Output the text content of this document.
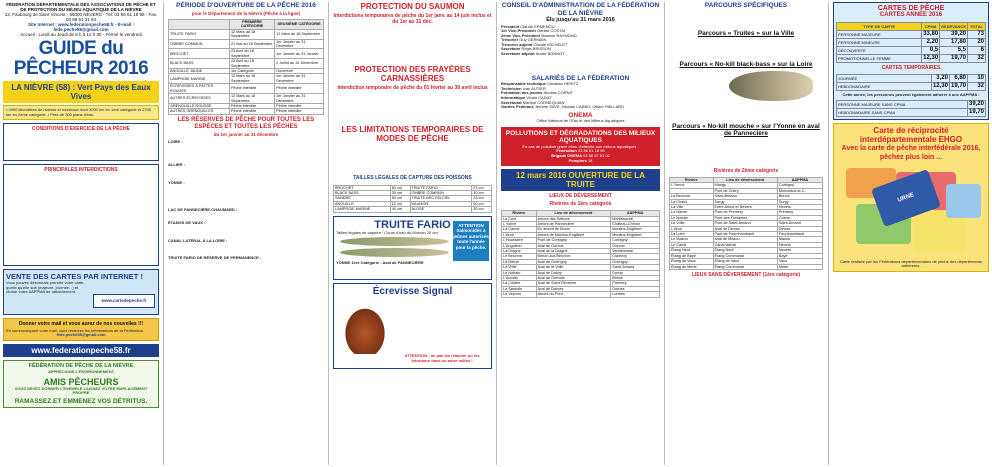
FÉDÉRATION DÉPARTEMENTALE DES ASSOCIATIONS DE PÊCHE ET DE PROTECTION DU MILIEU AQUATIQUE DE LA NIÈVRE
12, Faubourg de Saint Vincent - 58000 NEVERS - Tél. 03 86 61 18 98 - Fax. 03 86 61 31 94
Site Internet : www.federationpeche58.fr - E-mail : fede.peche58@gmail.com
Accueil : Lundi au Jeudi de 8 h à 12 h 30 - Fermé le vendredi
GUIDE du PÊCHEUR 2016
LA NIÈVRE (58) : Vert Pays des Eaux Vives
• 4900 kilomètres de rivières et ruisseaux dont 1200 km en 1ère catégorie et 2700 km en 2ème catégorie. • Près de 300 plans d'eau.
CONDITIONS D'EXERCICE DE LA PÊCHE
PRINCIPALES INTERDICTIONS
VENTE DES CARTES PAR INTERNET !
Vous pouvez désormais prendre votre carte, quelle qu'elle soit (majeure, journée...) et choisir votre AAPPMA de rattachement.
www.cartedepeche.fr
Donner votre mail et vous aurez de nos nouvelles !!!
En communiquant votre mail, vous recevrez les informations de la Fédération.
fede.peche58@gmail.com
www.federationpeche58.fr
FÉDÉRATION DE PÊCHE DE LA NIÈVRE
APPRÉCIONS L'ENVIRONNEMENT
AMIS PÊCHEURS
VOUS DEVEZ DONNER L'EXEMPLE LAISSEZ VOTRE EMPLACEMENT PROPRE
RAMASSEZ ET EMMENEZ VOS DÉTRITUS.
PÉRIODE D'OUVERTURE DE LA PÊCHE 2016
pour le Département de la Nièvre (Pêche à la ligne)
	PREMIÈRE CATÉGORIE	DEUXIÈME CATÉGORIE
TRUITE FARIO	12 Mars au 18 Septembre	12 Mars au 18 Septembre
OMBRE COMMUN	21 Mai au 18 Septembre	1er Janvier au 31 Décembre
BROCHET	23 Avril au 18 Septembre	1er Janvier au 31 Janvier
BLACK BASS	23 Avril au 18 Septembre	2 Juillet au 31 Décembre
ANGUILLE JAUNE	1er Catégorie	Ouverture
LAMPROIE MARINE	12 Mars au 18 Septembre	1er Janvier au 31 Décembre
ÉCREVISSES À PATTES ROUGES	Pêche interdite	Pêche interdite
AUTRES ÉCREVISSES	12 Mars au 18 Septembre	1er Janvier au 31 Décembre
GRENOUILLE ROUSSE	Pêche interdite	Pêche interdite
AUTRES GRENOUILLES	Pêche interdite	Pêche interdite
LES RÉSERVES DE PÊCHE POUR TOUTES LES ESPÈCES ET TOUTES LES PÊCHES
du 1er janvier au 31 décembre
LOIRE :
ALLIER :
YONNE :
LAC DE PANNECIÈRE-CHAUMARD :
ÉTANGS DE VAUX :
CANAL LATÉRAL À LA LOIRE :
TRUITE FARIO DE RÉSERVE DE PERMANENCE :
PROTECTION DU SAUMON
Interdictions temporaires de pêche du 1er janv. au 14 juin inclus et du 1er au 31 déc.
PROTECTION DES FRAYÈRES CARNASSIÈRES
Interdiction temporaire de pêche du 01 février au 30 avril inclus
LES LIMITATIONS TEMPORAIRES DE MODES DE PÊCHE
TAILLES LÉGALES DE CAPTURE DES POISSONS
BROCHET	60 cm	TRUITE FARIO	23 cm
BLACK BASS	30 cm	OMBRE COMMUN	30 cm
SANDRE	50 cm	TRUITE ARC-EN-CIEL	23 cm
ANGUILLE	12 cm	SAUMON	50 cm
LAMPROIE MARINE	40 cm	ALOSE	30 cm
TRUITE FARIO
Tailles légales de capture : Cours d'eau du Morvan 20 cm
ATTENTION Salmonidés à jeûnes autorisés toute l'année pour la pêche.
YONNE 1ère Catégorie - Aval de PANNECIÈRE
Écrevisse Signal
ATTENTION : ne pas les relâcher ou les introduire dans un autre milieu !
CONSEIL D'ADMINISTRATION DE LA FÉDÉRATION DE LA NIÈVRE
Élu jusqu'au 31 mars 2016
Président Claude ERMENOU
1er Vice-Président Gérard COSTAI
2ème Vice-Président Maurice RAYMOND
Trésorier Guy GERMAIN
Trésorier adjoint Claude MICHELET
Secrétaire Régis BRISSON
Secrétaire adjoint André BONNOT
SALARIÉS DE LA FÉDÉRATION
Responsable technique Christian HERITZ
Technicien Ivan AUTIER
Formation des jeunes Nicolas CORNIT
Informatique Vivien CADAT
Secrétariat Martine CORNEQUIAN
Gardes Fédéraux Jérôme SAVE, Nicolas CARBO, Olivier PAILLARD
ONEMA
Office National de l'Eau et des Milieux Aquatiques
POLLUTIONS ET DÉGRADATIONS DES MILIEUX AQUATIQUES
En cas de pollution grave et/ou d'atteinte aux milieux aquatiques :
Fédération 03 86 61 18 98
Brigade ONEMA 03 86 57 51 02
Pompiers 18
12 mars 2016 OUVERTURE DE LA TRUITE
LIEUX DE DÉVERSEMENT
Rivières de 1ère catégorie
Rivière	Lieu de déversement	AAPPMA
La Cure	Amont des Settons	Montsauche
L'Yonne	Amont de Pannecière	Château-Chinon
La Canne	En amont de Bonin	Moulins-Engilbert
L'Aron	Amont de Moulins-Engilbert	Moulins-Engilbert
L'Houssière	Pont de Corbigny	Corbigny
L'Anguison	Aval de Ouroux	Ouroux
La Dragne	Aval de la Dragne	Vandenesse
Le Beuvron	Brinon-sur-Beuvron	Clamecy
La Nièvre	Aval de Guérigny	Guérigny
La Vrille	Aval de la Vrille	Saint-Amand
Le Nohain	Aval de Donzy	Donzy
L'Accotin	Aval de Grenois	Brinon
La Colâtre	Aval de Saint-Révérien	Prémery
La Sardolle	Aval de Dornes	Dornes
Le Veynon	Amont du Pont	Lormes
PARCOURS SPÉCIFIQUES
Parcours « Truites » sur la Ville
Parcours « No-kill black-bass » sur la Loire
Parcours « No-kill mouche » sur l'Yonne en aval de Pannecière
Rivières de 2ème catégorie
Rivière	Lieu de déversement	AAPPMA
L'Yonne	Mangy	Corbigny
	Pont de Chitry	Monceaux-le-C.
La Beuvron	Saint-Brisson	Brinon
La Chaux	Surgy	Surgy
La Ville	Entre Arleuf et Nevers	Nevers
La Nièvre	Pont de Prémery	Prémery
Le Nohain	Pont des Fontaines	Cosne
La Vrille	Pont de Saint-Amand	Saint-Amand
L'Aron	Aval de Decize	Decize
La Loire	Pont de Fourchambault	Fourchambault
Le Mazou	Aval de Mazou	Mazou
Le Canal	Canal latéral	Nevers
Étang Neuf	Étang Neuf	Nevers
Étang de Baye	Étang Communal	Baye
Étang de Vaux	Étang de Vaux	Vaux
Étang du Merle	Étang Communal	Merle
LIEUX SANS DÉVERSEMENT (1ère catégorie)
CARTES DE PÊCHE
CARTES ANNÉE 2016
TYPE DE CARTE	CPMA	REDEVANCE	TOTAL
PERSONNE MAJEURE	33,80	39,20	73
PERSONNE MINEURE	2,20	17,80	20
DÉCOUVERTE	0,5	5,5	6
PROMOTIONNELLE FEMME	12,30	19,70	32
CARTES TEMPORAIRES
JOURNÉE	3,20	6,80	10
HEBDOMADAIRE	12,30	19,70	32
Cette année, les personnes peuvent également adhérer à une AAPPMA :
PERSONNE MAJEURE SANS CPMA	39,20
HEBDOMADAIRE SANS CPMA	19,70
Carte de réciprocité interdépartementale EHGO
Avec la carte de pêche interfédérale 2016, pêchez plus loin ...
URNE
Carte réalisée par les Fédérations départementales de pêche des départements adhérents.
